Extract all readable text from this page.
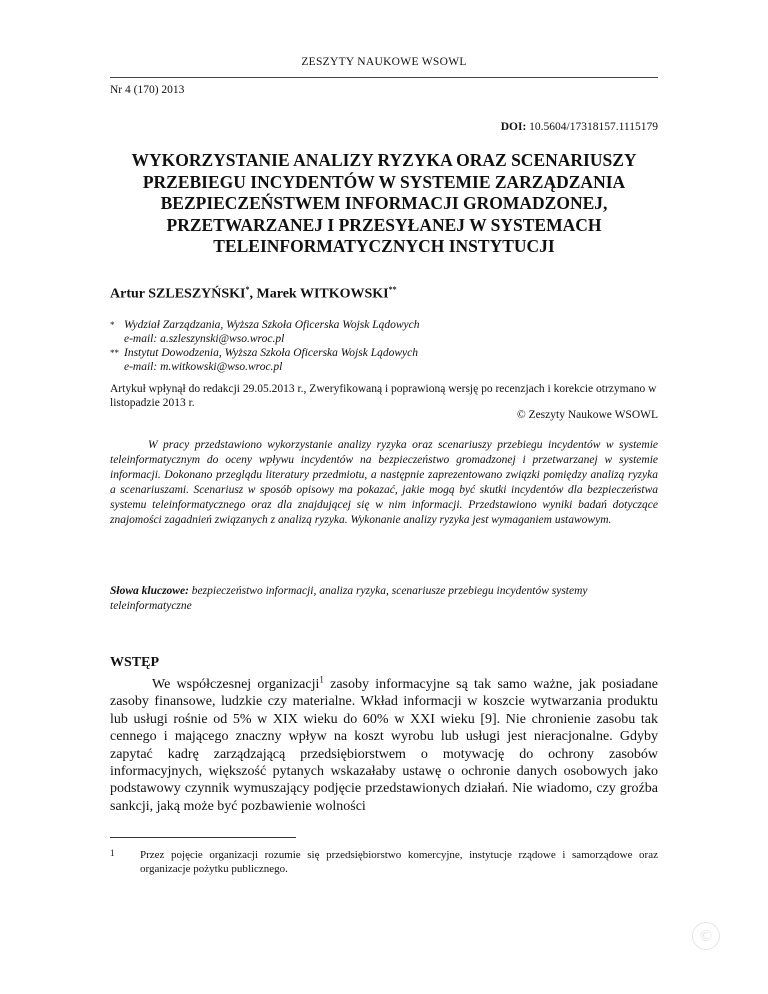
ZESZYTY NAUKOWE WSOWL
Nr 4 (170) 2013
DOI: 10.5604/17318157.1115179
WYKORZYSTANIE ANALIZY RYZYKA ORAZ SCENARIUSZY PRZEBIEGU INCYDENTÓW W SYSTEMIE ZARZĄDZANIA BEZPIECZEŃSTWEM INFORMACJI GROMADZONEJ, PRZETWARZANEJ I PRZESYŁANEJ W SYSTEMACH TELEINFORMATYCZNYCH INSTYTUCJI
Artur SZLESZYŃSKI*, Marek WITKOWSKI**
* Wydział Zarządzania, Wyższa Szkoła Oficerska Wojsk Lądowych
e-mail: a.szleszynski@wso.wroc.pl
** Instytut Dowodzenia, Wyższa Szkoła Oficerska Wojsk Lądowych
e-mail: m.witkowski@wso.wroc.pl
Artykuł wpłynął do redakcji 29.05.2013 r., Zweryfikowaną i poprawioną wersję po recenzjach i korekcie otrzymano w listopadzie 2013 r.
© Zeszyty Naukowe WSOWL
W pracy przedstawiono wykorzystanie analizy ryzyka oraz scenariuszy przebiegu incydentów w systemie teleinformatycznym do oceny wpływu incydentów na bezpieczeństwo gromadzonej i przetwarzanej w systemie informacji. Dokonano przeglądu literatury przedmiotu, a następnie zaprezentowano związki pomiędzy analizą ryzyka a scenariuszami. Scenariusz w sposób opisowy ma pokazać, jakie mogą być skutki incydentów dla bezpieczeństwa systemu teleinformatycznego oraz dla znajdującej się w nim informacji. Przedstawiono wyniki badań dotyczące znajomości zagadnień związanych z analizą ryzyka. Wykonanie analizy ryzyka jest wymaganiem ustawowym.
Słowa kluczowe: bezpieczeństwo informacji, analiza ryzyka, scenariusze przebiegu incydentów systemy teleinformatyczne
WSTĘP
We współczesnej organizacji$^1$ zasoby informacyjne są tak samo ważne, jak posiadane zasoby finansowe, ludzkie czy materialne. Wkład informacji w koszcie wytwarzania produktu lub usługi rośnie od 5% w XIX wieku do 60% w XXI wieku [9]. Nie chronienie zasobu tak cennego i mającego znaczny wpływ na koszt wyrobu lub usługi jest nieracjonalne. Gdyby zapytać kadrę zarządzającą przedsiębiorstwem o motywację do ochrony zasobów informacyjnych, większość pytanych wskazałaby ustawę o ochronie danych osobowych jako podstawowy czynnik wymuszający podjęcie przedstawionych działań. Nie wiadomo, czy groźba sankcji, jaką może być pozbawienie wolności
1 Przez pojęcie organizacji rozumie się przedsiębiorstwo komercyjne, instytucje rządowe i samorządowe oraz organizacje pożytku publicznego.
©
